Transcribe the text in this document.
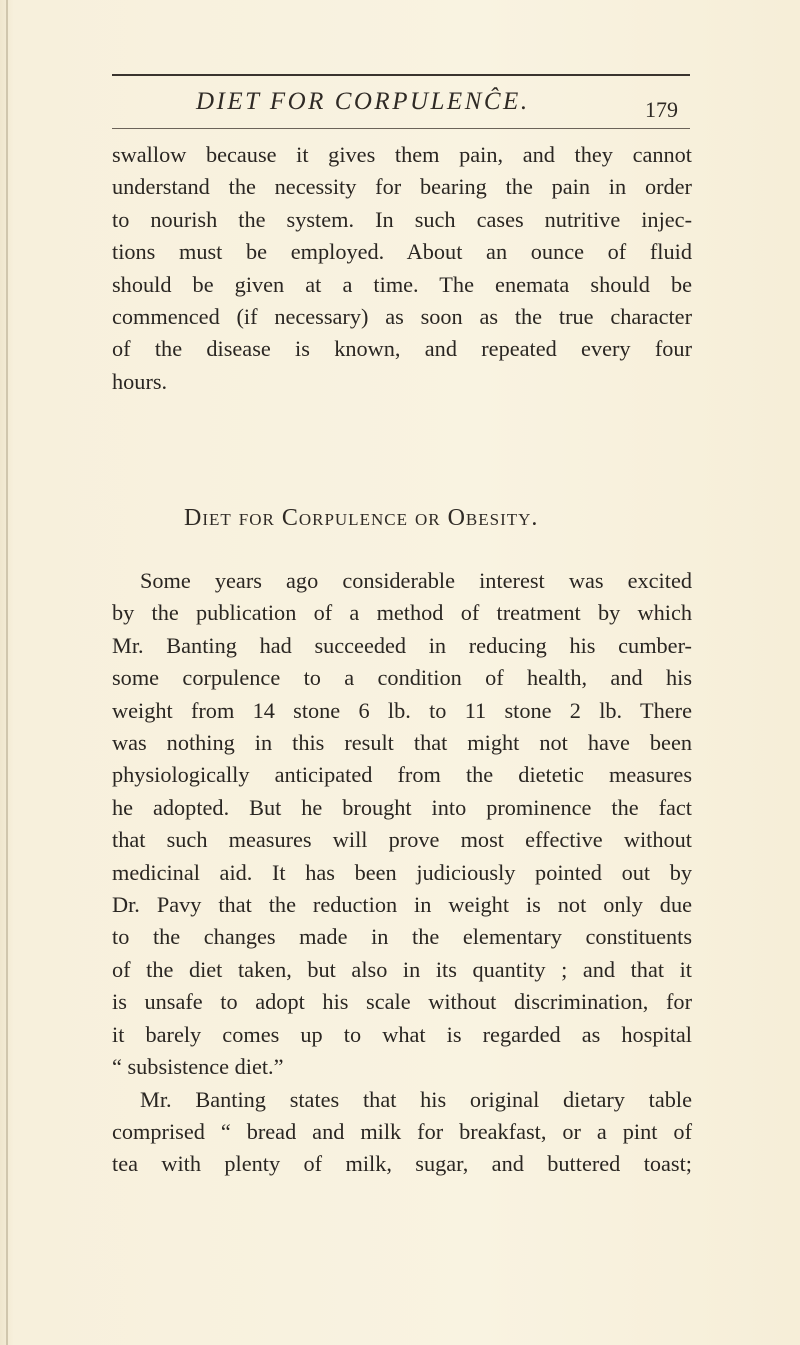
DIET FOR CORPULENĈE.	179

swallow because it gives them pain, and they cannot

understand the necessity for bearing the pain in order

to nourish the system. In such cases nutritive injec-

tions must be employed. About an ounce of fluid

should be given at a time. The enemata should be

commenced (if necessary) as soon as the true character

of the disease is known, and repeated every four

hours.

Diet for Corpulence or Obesity.

Some years ago considerable interest was excited

by the publication of a method of treatment by which

Mr. Banting had succeeded in reducing his cumber-

some corpulence to a condition of health, and his

weight from 14 stone 6 lb. to 11 stone 2 lb. There

was nothing in this result that might not have been

physiologically anticipated from the dietetic measures

he adopted. But he brought into prominence the fact

that such measures will prove most effective without

medicinal aid. It has been judiciously pointed out by

Dr. Pavy that the reduction in weight is not only due

to the changes made in the elementary constituents

of the diet taken, but also in its quantity ; and that it

is unsafe to adopt his scale without discrimination, for

it barely comes up to what is regarded as hospital

“ subsistence diet.”

Mr. Banting states that his original dietary table

comprised “ bread and milk for breakfast, or a pint of

tea with plenty of milk, sugar, and buttered toast;
